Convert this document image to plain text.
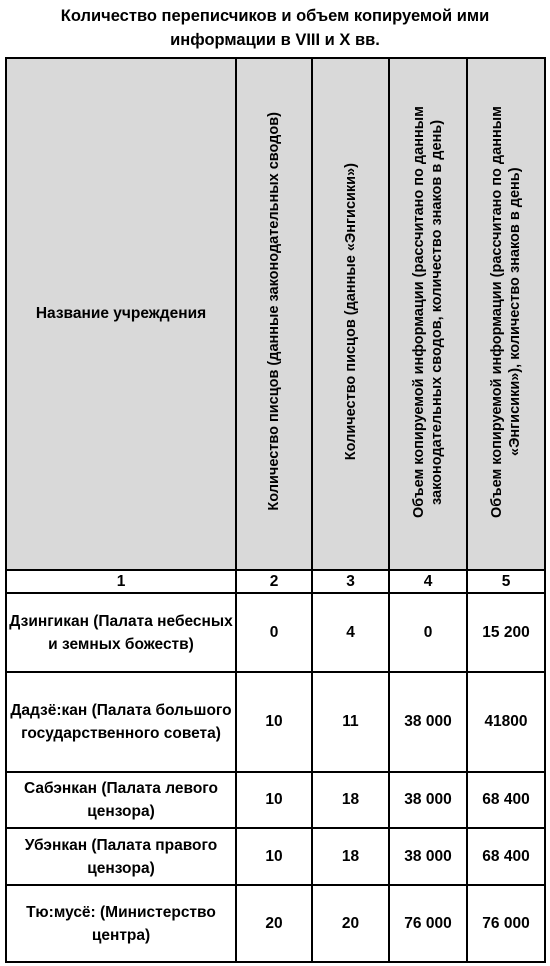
Количество переписчиков и объем копируемой ими
информации в VIII и X вв.
Название учреждения	Количество писцов (данные законодательных сводов)	Количество писцов (данные «Энгисики»)	Объем копируемой информации (рассчитано по данным законодательных сводов, количество знаков в день)	Объем копируемой информации (рассчитано по данным «Энгисики»), количество знаков в день)
1	2	3	4	5
Дзингикан (Палата небесных и земных божеств)	0	4	0	15 200
Дадзё:кан (Палата большого государственного совета)	10	11	38 000	41800
Сабэнкан (Палата левого цензора)	10	18	38 000	68 400
Убэнкан (Палата правого цензора)	10	18	38 000	68 400
Тю:мусё: (Министерство центра)	20	20	76 000	76 000
